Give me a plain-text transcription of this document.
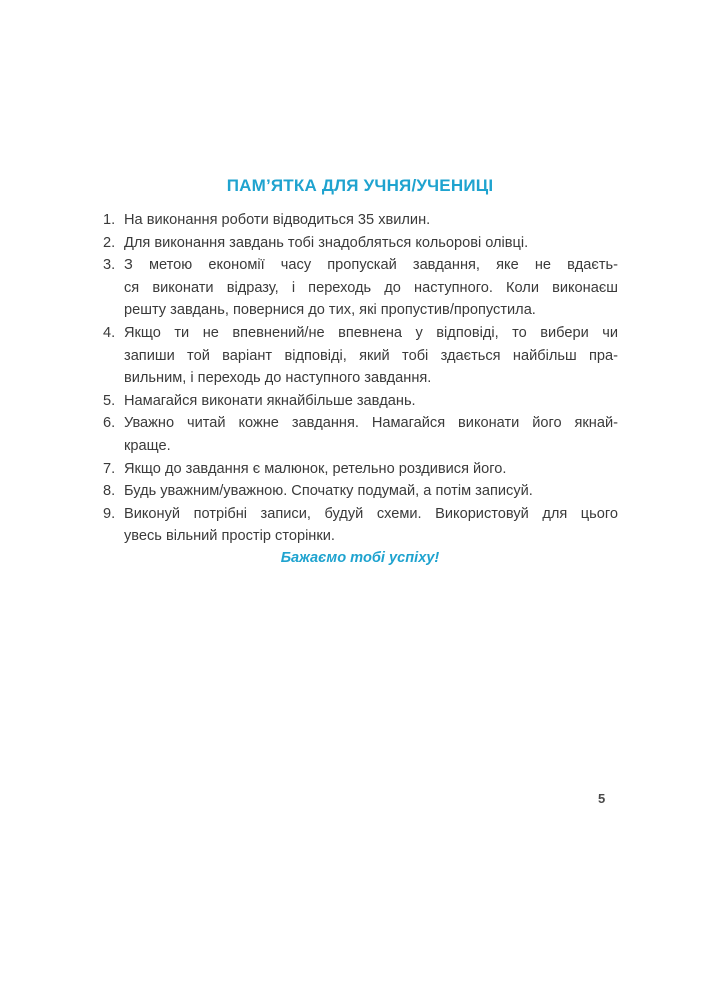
ПАМ’ЯТКА ДЛЯ УЧНЯ/УЧЕНИЦІ
1. На виконання роботи відводиться 35 хвилин.
2. Для виконання завдань тобі знадобляться кольорові олівці.
3. З метою економії часу пропускай завдання, яке не вдаєть-
ся виконати відразу, і переходь до наступного. Коли виконаєш
решту завдань, повернися до тих, які пропустив/пропустила.
4. Якщо ти не впевнений/не впевнена у відповіді, то вибери чи
запиши той варіант відповіді, який тобі здається найбільш пра-
вильним, і переходь до наступного завдання.
5. Намагайся виконати якнайбільше завдань.
6. Уважно читай кожне завдання. Намагайся виконати його якнай-
краще.
7. Якщо до завдання є малюнок, ретельно роздивися його.
8. Будь уважним/уважною. Спочатку подумай, а потім записуй.
9. Виконуй потрібні записи, будуй схеми. Використовуй для цього
увесь вільний простір сторінки.
Бажаємо тобі успіху!
5
